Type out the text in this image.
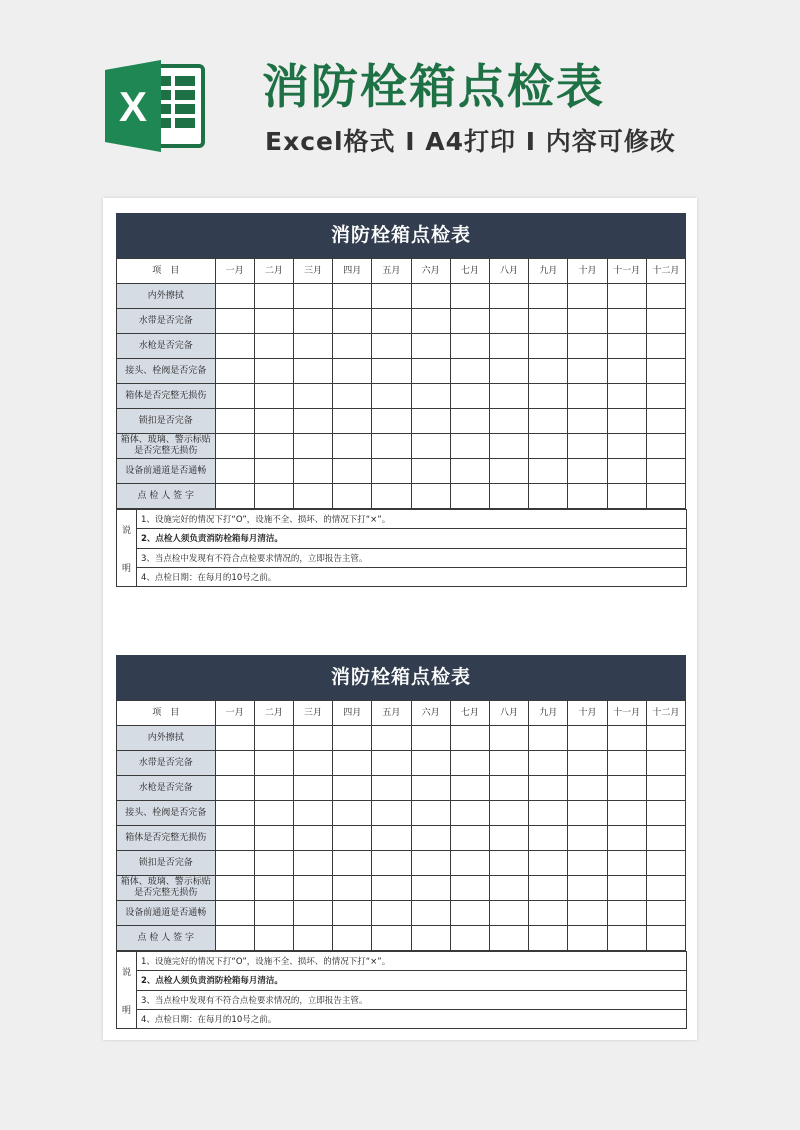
X 消防栓箱点检表
Excel格式 I A4打印 I 内容可修改
消防栓箱点检表
项　目	一月	二月	三月	四月	五月	六月	七月	八月	九月	十月	十一月	十二月
内外擦拭												
水带是否完备												
水枪是否完备												
接头、栓阀是否完备												
箱体是否完整无损伤												
锁扣是否完备												
箱体、玻璃、警示标贴是否完整无损伤												
设备前通道是否通畅												
点 检 人 签 字												
说
明
	1、设施完好的情况下打“O”，设施不全、损坏、的情况下打“×”。
2、点检人须负责消防栓箱每月清洁。
3、当点检中发现有不符合点检要求情况的，立即报告主管。
4、点检日期：在每月的10号之前。
消防栓箱点检表
项　目	一月	二月	三月	四月	五月	六月	七月	八月	九月	十月	十一月	十二月
内外擦拭												
水带是否完备												
水枪是否完备												
接头、栓阀是否完备												
箱体是否完整无损伤												
锁扣是否完备												
箱体、玻璃、警示标贴是否完整无损伤												
设备前通道是否通畅												
点 检 人 签 字												
说
明
	1、设施完好的情况下打“O”，设施不全、损坏、的情况下打“×”。
2、点检人须负责消防栓箱每月清洁。
3、当点检中发现有不符合点检要求情况的，立即报告主管。
4、点检日期：在每月的10号之前。
